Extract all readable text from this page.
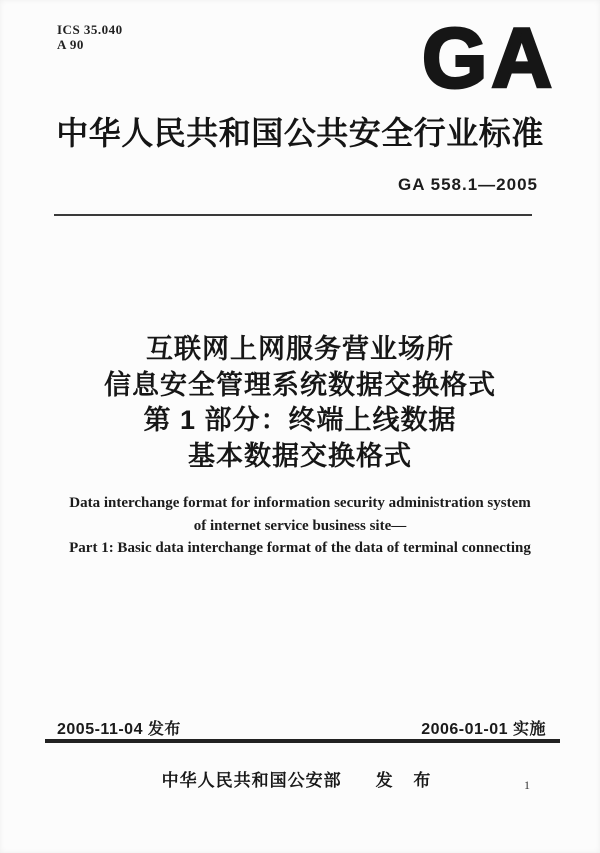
ICS 35.040
A 90	GA
中华人民共和国公共安全行业标准
GA 558.1—2005
互联网上网服务营业场所
信息安全管理系统数据交换格式
第 1 部分：终端上线数据
基本数据交换格式
Data interchange format for information security administration system
of internet service business site—
Part 1: Basic data interchange format of the data of terminal connecting
2005-11-04 发布	2006-01-01 实施
中华人民共和国公安部 发 布	1
